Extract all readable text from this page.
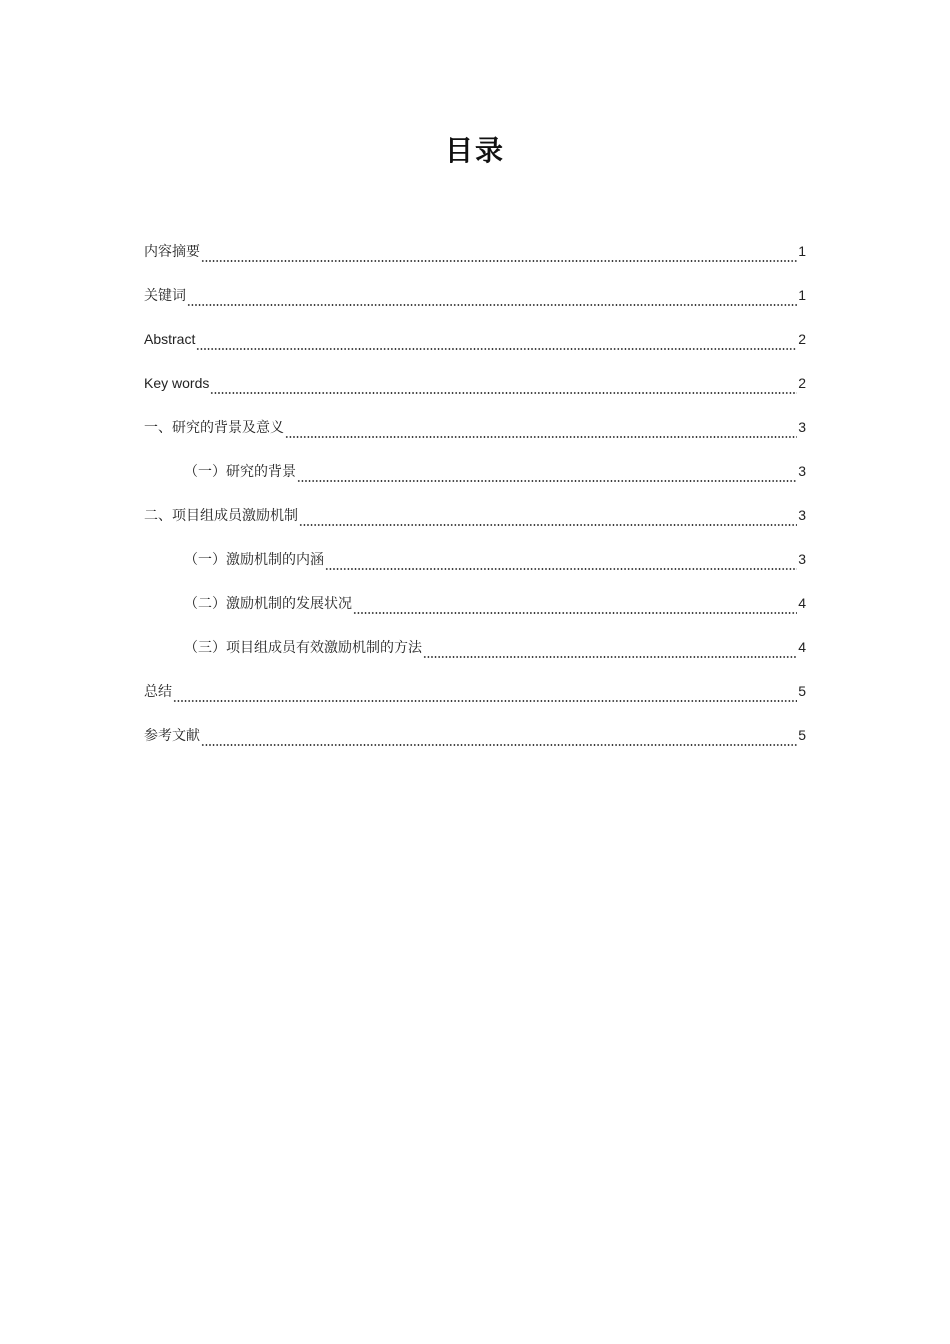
目录
内容摘要	1
关键词	1
Abstract	2
Key words	2
一、研究的背景及意义	3
（一）研究的背景	3
二、项目组成员激励机制	3
（一）激励机制的内涵	3
（二）激励机制的发展状况	4
（三）项目组成员有效激励机制的方法	4
总结	5
参考文献	5
